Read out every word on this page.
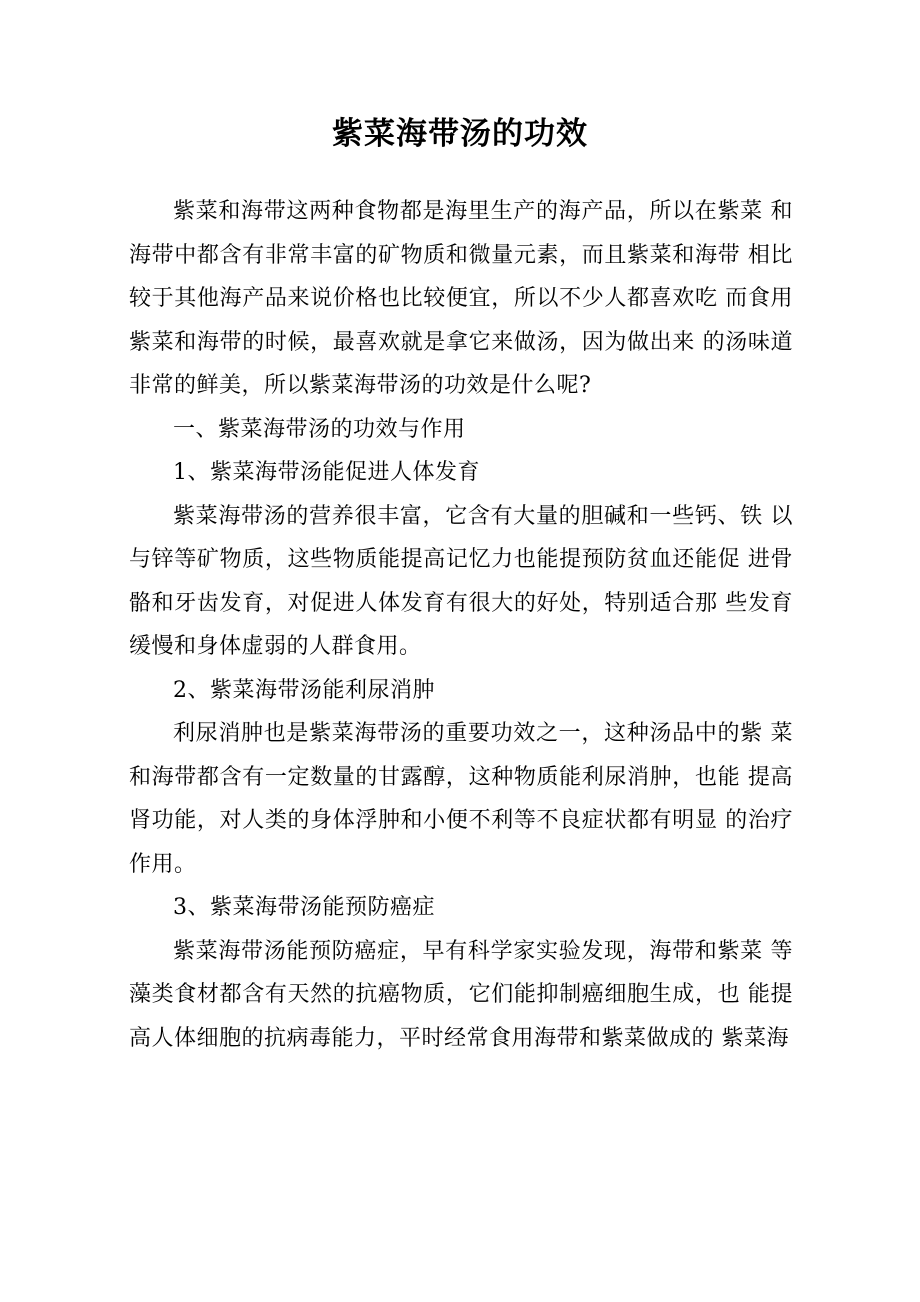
紫菜海带汤的功效

紫菜和海带这两种食物都是海里生产的海产品，所以在紫菜 和海带中都含有非常丰富的矿物质和微量元素，而且紫菜和海带 相比较于其他海产品来说价格也比较便宜，所以不少人都喜欢吃 而食用紫菜和海带的时候，最喜欢就是拿它来做汤，因为做出来 的汤味道非常的鲜美，所以紫菜海带汤的功效是什么呢?

一、紫菜海带汤的功效与作用

1、紫菜海带汤能促进人体发育

紫菜海带汤的营养很丰富，它含有大量的胆碱和一些钙、铁 以与锌等矿物质，这些物质能提高记忆力也能提预防贫血还能促 进骨骼和牙齿发育，对促进人体发育有很大的好处，特别适合那 些发育缓慢和身体虚弱的人群食用。

2、紫菜海带汤能利尿消肿

利尿消肿也是紫菜海带汤的重要功效之一，这种汤品中的紫 菜和海带都含有一定数量的甘露醇，这种物质能利尿消肿，也能 提高肾功能，对人类的身体浮肿和小便不利等不良症状都有明显 的治疗作用。

3、紫菜海带汤能预防癌症

紫菜海带汤能预防癌症，早有科学家实验发现，海带和紫菜 等藻类食材都含有天然的抗癌物质，它们能抑制癌细胞生成，也 能提高人体细胞的抗病毒能力，平时经常食用海带和紫菜做成的 紫菜海
